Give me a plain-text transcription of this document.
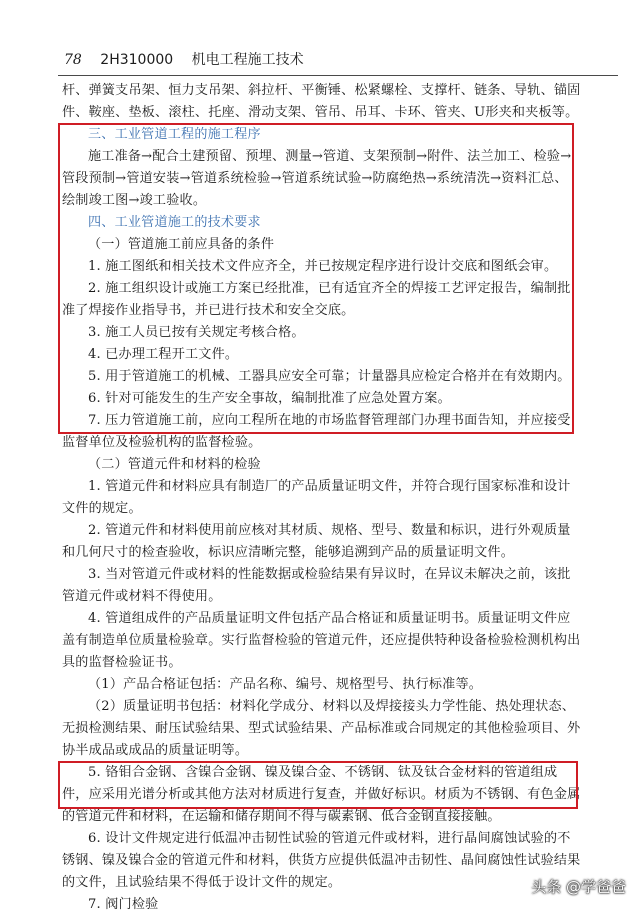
78 2H310000 机电工程施工技术
杆、弹簧支吊架、恒力支吊架、斜拉杆、平衡锤、松紧螺栓、支撑杆、链条、导轨、锚固
件、鞍座、垫板、滚柱、托座、滑动支架、管吊、吊耳、卡环、管夹、U形夹和夹板等。
三、工业管道工程的施工程序
施工准备→配合土建预留、预埋、测量→管道、支架预制→附件、法兰加工、检验→
管段预制→管道安装→管道系统检验→管道系统试验→防腐绝热→系统清洗→资料汇总、
绘制竣工图→竣工验收。
四、工业管道施工的技术要求
（一）管道施工前应具备的条件
1. 施工图纸和相关技术文件应齐全，并已按规定程序进行设计交底和图纸会审。
2. 施工组织设计或施工方案已经批准，已有适宜齐全的焊接工艺评定报告，编制批
准了焊接作业指导书，并已进行技术和安全交底。
3. 施工人员已按有关规定考核合格。
4. 已办理工程开工文件。
5. 用于管道施工的机械、工器具应安全可靠；计量器具应检定合格并在有效期内。
6. 针对可能发生的生产安全事故，编制批准了应急处置方案。
7. 压力管道施工前，应向工程所在地的市场监督管理部门办理书面告知，并应接受
监督单位及检验机构的监督检验。
（二）管道元件和材料的检验
1. 管道元件和材料应具有制造厂的产品质量证明文件，并符合现行国家标准和设计
文件的规定。
2. 管道元件和材料使用前应核对其材质、规格、型号、数量和标识，进行外观质量
和几何尺寸的检查验收，标识应清晰完整，能够追溯到产品的质量证明文件。
3. 当对管道元件或材料的性能数据或检验结果有异议时，在异议未解决之前，该批
管道元件或材料不得使用。
4. 管道组成件的产品质量证明文件包括产品合格证和质量证明书。质量证明文件应
盖有制造单位质量检验章。实行监督检验的管道元件，还应提供特种设备检验检测机构出
具的监督检验证书。
（1）产品合格证包括：产品名称、编号、规格型号、执行标准等。
（2）质量证明书包括：材料化学成分、材料以及焊接接头力学性能、热处理状态、
无损检测结果、耐压试验结果、型式试验结果、产品标准或合同规定的其他检验项目、外
协半成品或成品的质量证明等。
5. 铬钼合金钢、含镍合金钢、镍及镍合金、不锈钢、钛及钛合金材料的管道组成
件，应采用光谱分析或其他方法对材质进行复查，并做好标识。材质为不锈钢、有色金属
的管道元件和材料，在运输和储存期间不得与碳素钢、低合金钢直接接触。
6. 设计文件规定进行低温冲击韧性试验的管道元件或材料，进行晶间腐蚀试验的不
锈钢、镍及镍合金的管道元件和材料，供货方应提供低温冲击韧性、晶间腐蚀性试验结果
的文件，且试验结果不得低于设计文件的规定。
7. 阀门检验
头条 @学爸爸
